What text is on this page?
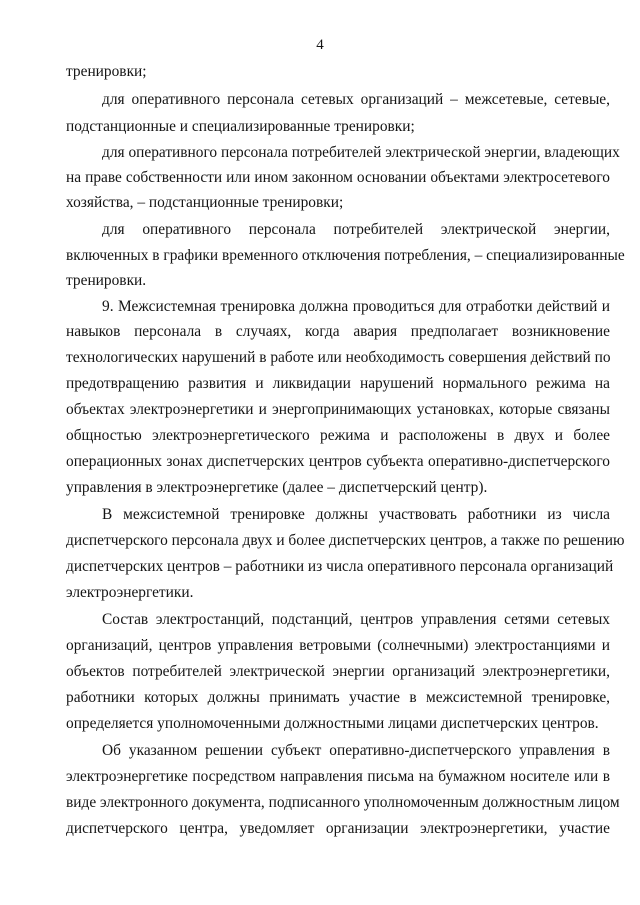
4
тренировки;
для оперативного персонала сетевых организаций – межсетевые, сетевые,
подстанционные и специализированные тренировки;
для оперативного персонала потребителей электрической энергии, владеющих
на праве собственности или ином законном основании объектами электросетевого
хозяйства, – подстанционные тренировки;
для оперативного персонала потребителей электрической энергии,
включенных в графики временного отключения потребления, – специализированные
тренировки.
9. Межсистемная тренировка должна проводиться для отработки действий и
навыков персонала в случаях, когда авария предполагает возникновение
технологических нарушений в работе или необходимость совершения действий по
предотвращению развития и ликвидации нарушений нормального режима на
объектах электроэнергетики и энергопринимающих установках, которые связаны
общностью электроэнергетического режима и расположены в двух и более
операционных зонах диспетчерских центров субъекта оперативно-диспетчерского
управления в электроэнергетике (далее – диспетчерский центр).
В межсистемной тренировке должны участвовать работники из числа
диспетчерского персонала двух и более диспетчерских центров, а также по решению
диспетчерских центров – работники из числа оперативного персонала организаций
электроэнергетики.
Состав электростанций, подстанций, центров управления сетями сетевых
организаций, центров управления ветровыми (солнечными) электростанциями и
объектов потребителей электрической энергии организаций электроэнергетики,
работники которых должны принимать участие в межсистемной тренировке,
определяется уполномоченными должностными лицами диспетчерских центров.
Об указанном решении субъект оперативно-диспетчерского управления в
электроэнергетике посредством направления письма на бумажном носителе или в
виде электронного документа, подписанного уполномоченным должностным лицом
диспетчерского центра, уведомляет организации электроэнергетики, участие
